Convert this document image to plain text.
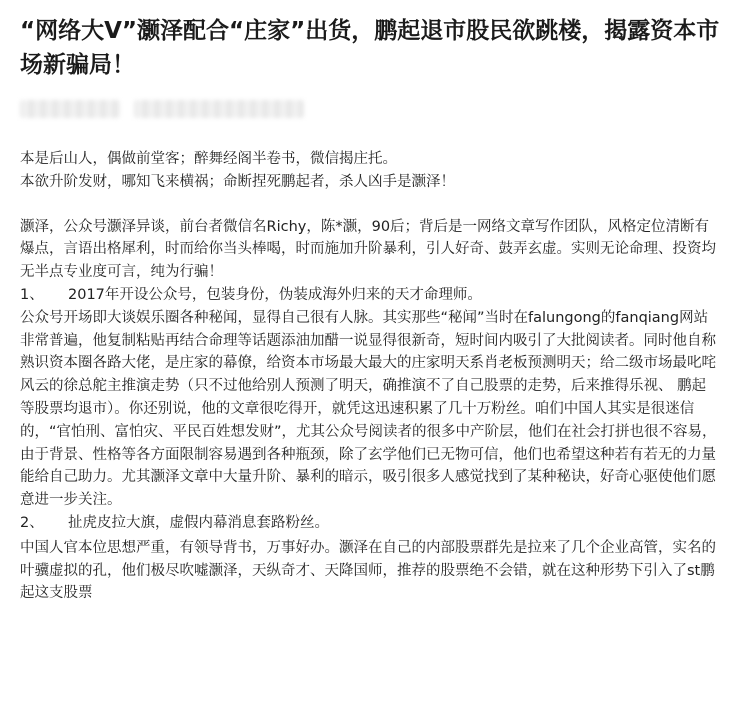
“网络大V”灏泽配合“庄家”出货，鹏起退市股民欲跳楼，揭露资本市场新骗局！

本是后山人，偶做前堂客；醉舞经阁半卷书，微信揭庄托。

本欲升阶发财，哪知飞来横祸；命断捏死鹏起者，杀人凶手是灏泽！

灏泽，公众号灏泽异谈，前台者微信名Richy，陈*灏，90后；背后是一网络文章写作团队，风格定位清断有爆点，言语出格犀利，时而给你当头棒喝，时而施加升阶暴利，引人好奇、鼓弄玄虚。实则无论命理、投资均无半点专业度可言，纯为行骗！

1、 2017年开设公众号，包装身份，伪装成海外归来的天才命理师。

公众号开场即大谈娱乐圈各种秘闻，显得自己很有人脉。其实那些“秘闻”当时在falungong的fanqiang网站非常普遍，他复制粘贴再结合命理等话题添油加醋一说显得很新奇，短时间内吸引了大批阅读者。同时他自称熟识资本圈各路大佬，是庄家的幕僚，给资本市场最大最大的庄家明天系肖老板预测明天；给二级市场最叱咤风云的徐总舵主推演走势（只不过他给别人预测了明天，确推演不了自己股票的走势，后来推得乐视、 鹏起等股票均退市）。你还别说，他的文章很吃得开，就凭这迅速积累了几十万粉丝。咱们中国人其实是很迷信的，“官怕刑、富怕灾、平民百姓想发财”，尤其公众号阅读者的很多中产阶层，他们在社会打拼也很不容易，由于背景、性格等各方面限制容易遇到各种瓶颈，除了玄学他们已无物可信，他们也希望这种若有若无的力量能给自己助力。尤其灏泽文章中大量升阶、暴利的暗示，吸引很多人感觉找到了某种秘诀，好奇心驱使他们愿意进一步关注。

2、 扯虎皮拉大旗，虚假内幕消息套路粉丝。

中国人官本位思想严重，有领导背书，万事好办。灏泽在自己的内部股票群先是拉来了几个企业高管，实名的叶骥虚拟的孔，他们极尽吹嘘灏泽，天纵奇才、天降国师，推荐的股票绝不会错，就在这种形势下引入了st鹏起这支股票
